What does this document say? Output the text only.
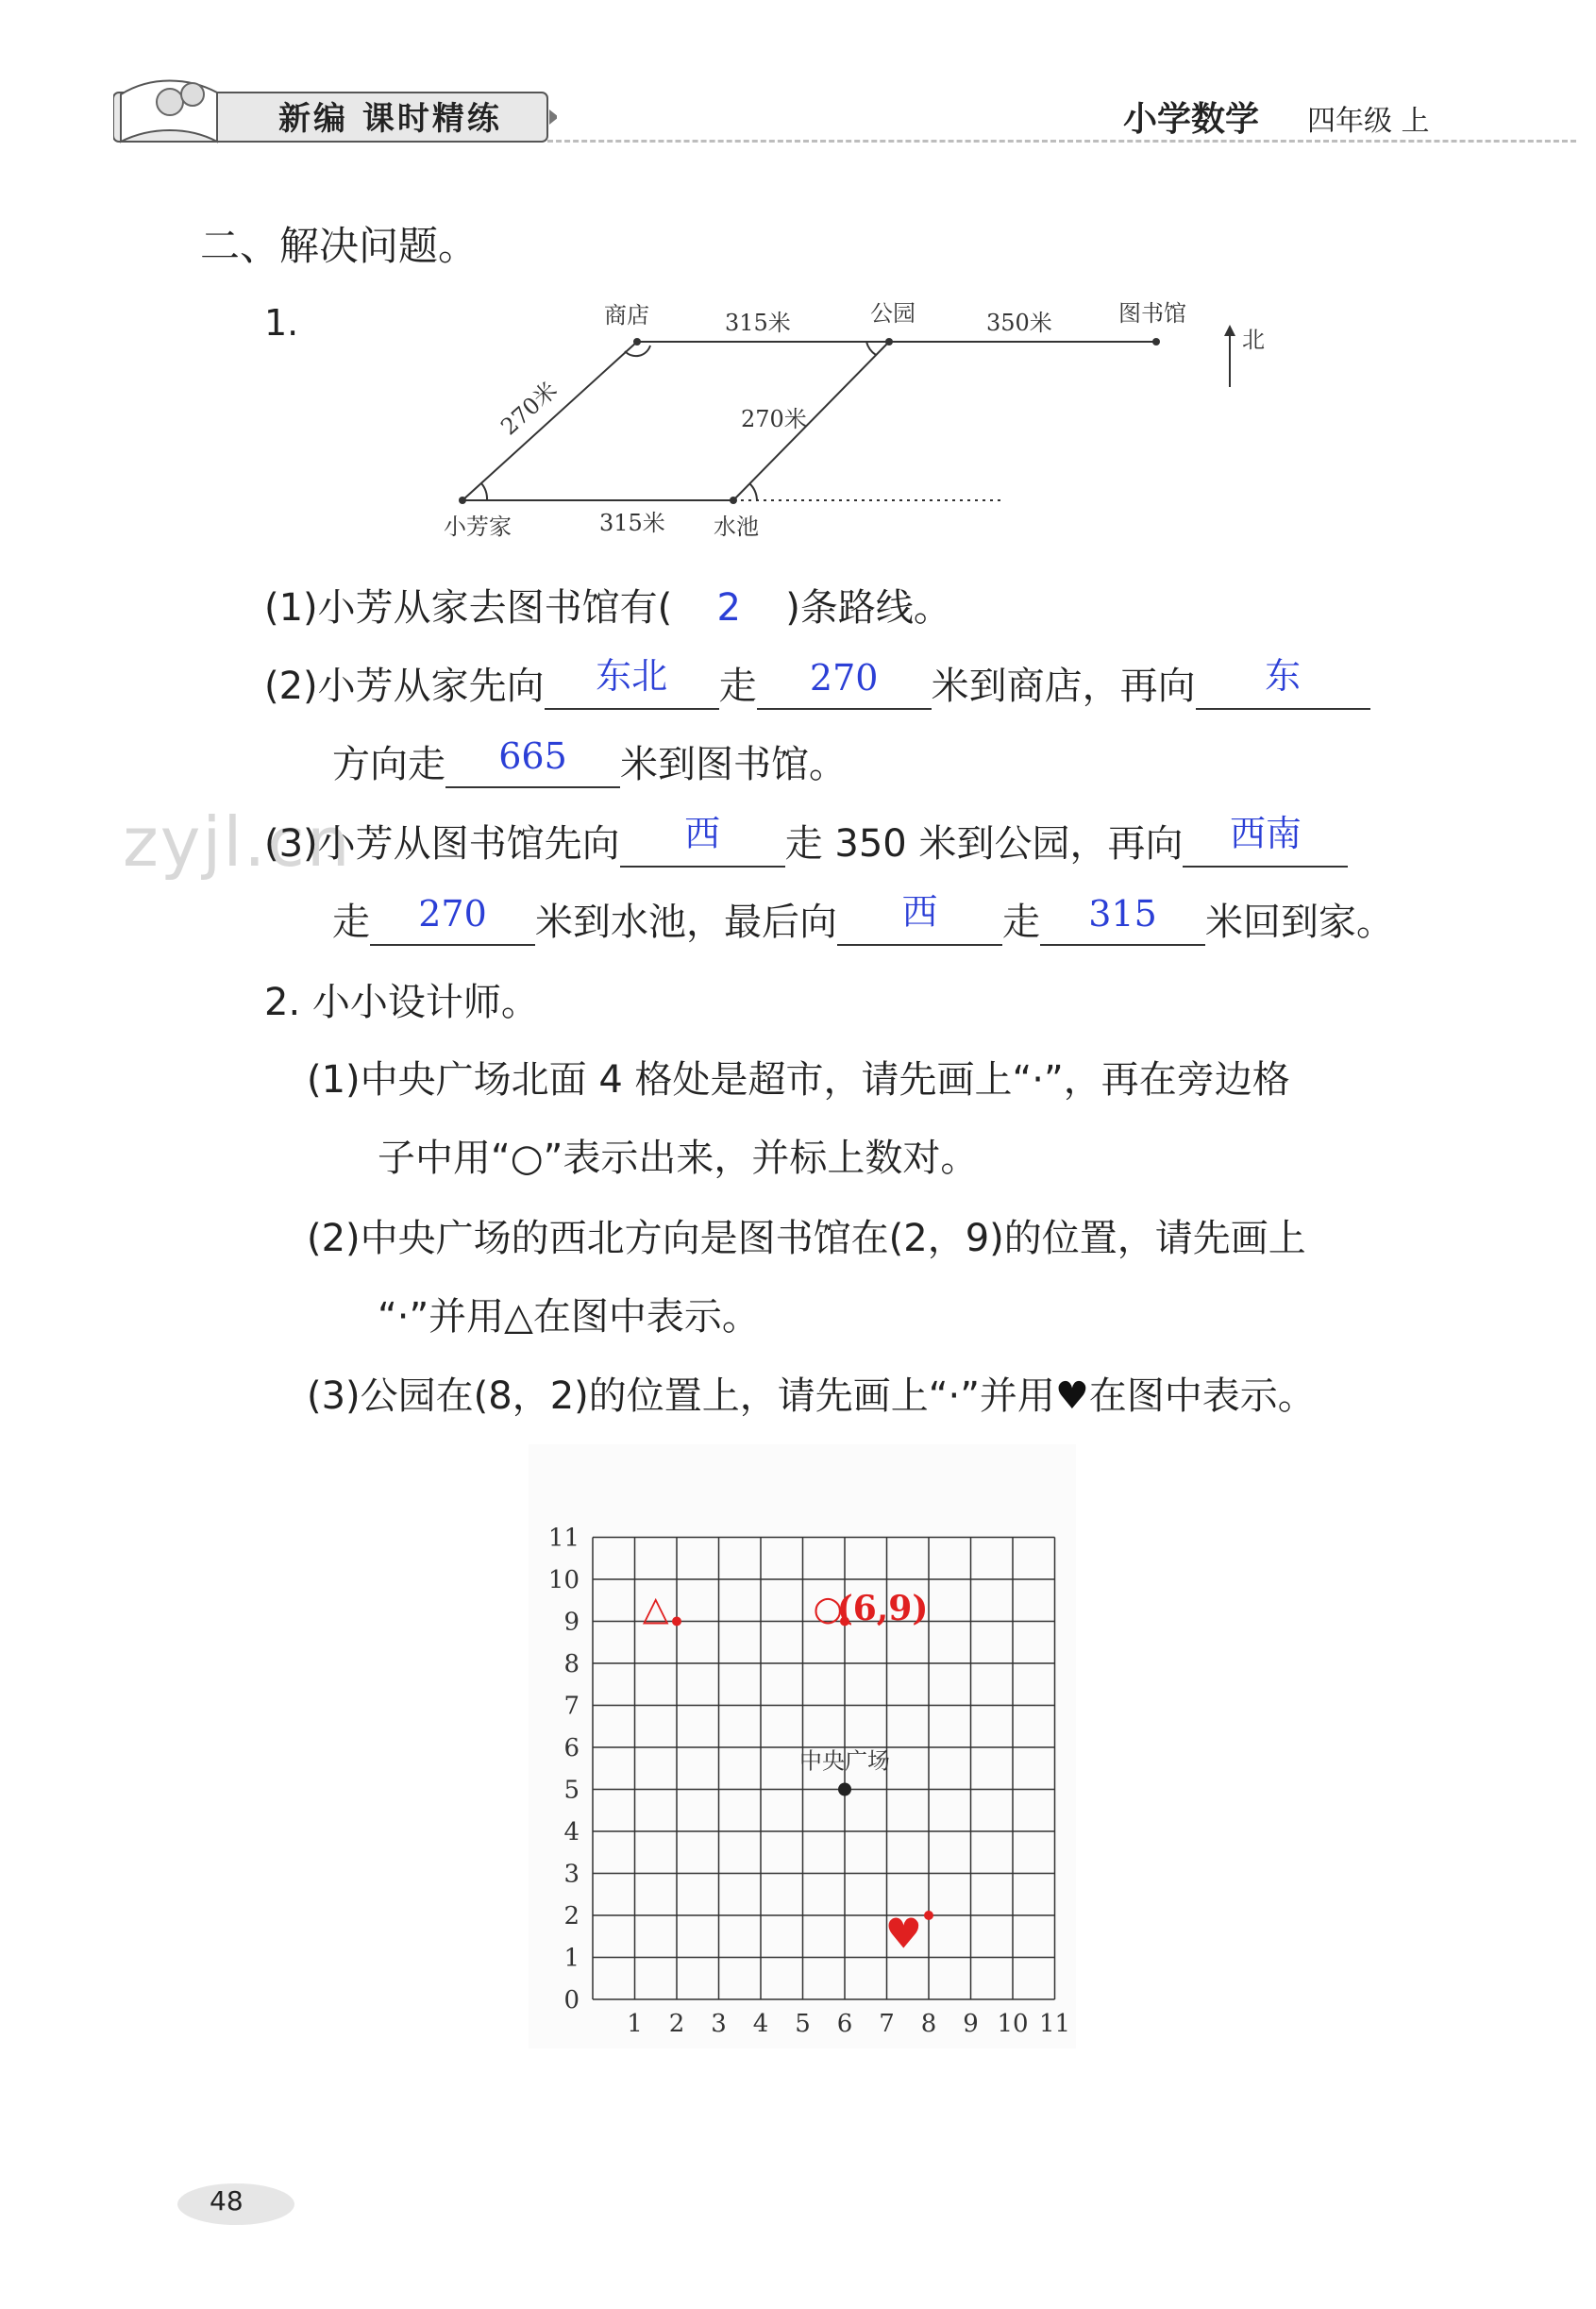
新编 课时精练	小学数学 四年级 上
zyjl.cn
二、解决问题。
1.	商店	公园	图书馆
小芳家	水池
北
315米	350米
315米
270米
270米
(1)小芳从家去图书馆有( 2 )条路线。
(2)小芳从家先向	东北	走	270	米到商店，再向	东
方向走	665	米到图书馆。
(3)小芳从图书馆先向	西	走 350 米到公园，再向	西南
走	270	米到水池，最后向	西	走	315	米回到家。
2. 小小设计师。
(1)中央广场北面 4 格处是超市，请先画上“·”，再在旁边格
子中用“○”表示出来，并标上数对。
(2)中央广场的西北方向是图书馆在(2，9)的位置，请先画上
“·”并用△在图中表示。
(3)公园在(8，2)的位置上，请先画上“·”并用♥在图中表示。
1 2 3 4 5 6 7 8 9 10 11
0
1
2
3
4
5
6
7
8
9
10
11
中央广场
△	○
(6,9)
♥
48
